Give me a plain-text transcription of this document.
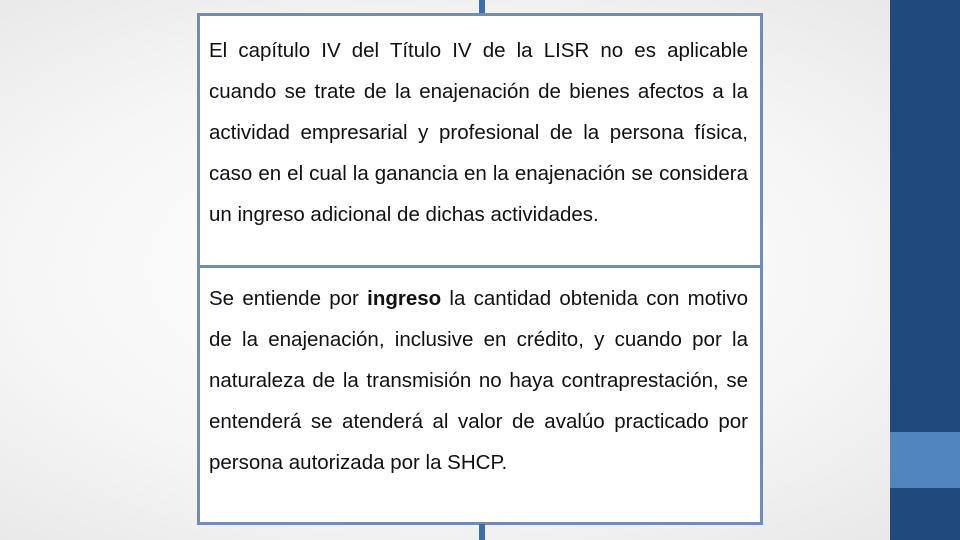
El capítulo IV del Título IV de la LISR no es aplicable cuando se trate de la enajenación de bienes afectos a la actividad empresarial y profesional de la persona física, caso en el cual la ganancia en la enajenación se considera un ingreso adicional de dichas actividades.

Se entiende por ingreso la cantidad obtenida con motivo de la enajenación, inclusive en crédito, y cuando por la naturaleza de la transmisión no haya contraprestación, se entenderá se atenderá al valor de avalúo practicado por persona autorizada por la SHCP.
